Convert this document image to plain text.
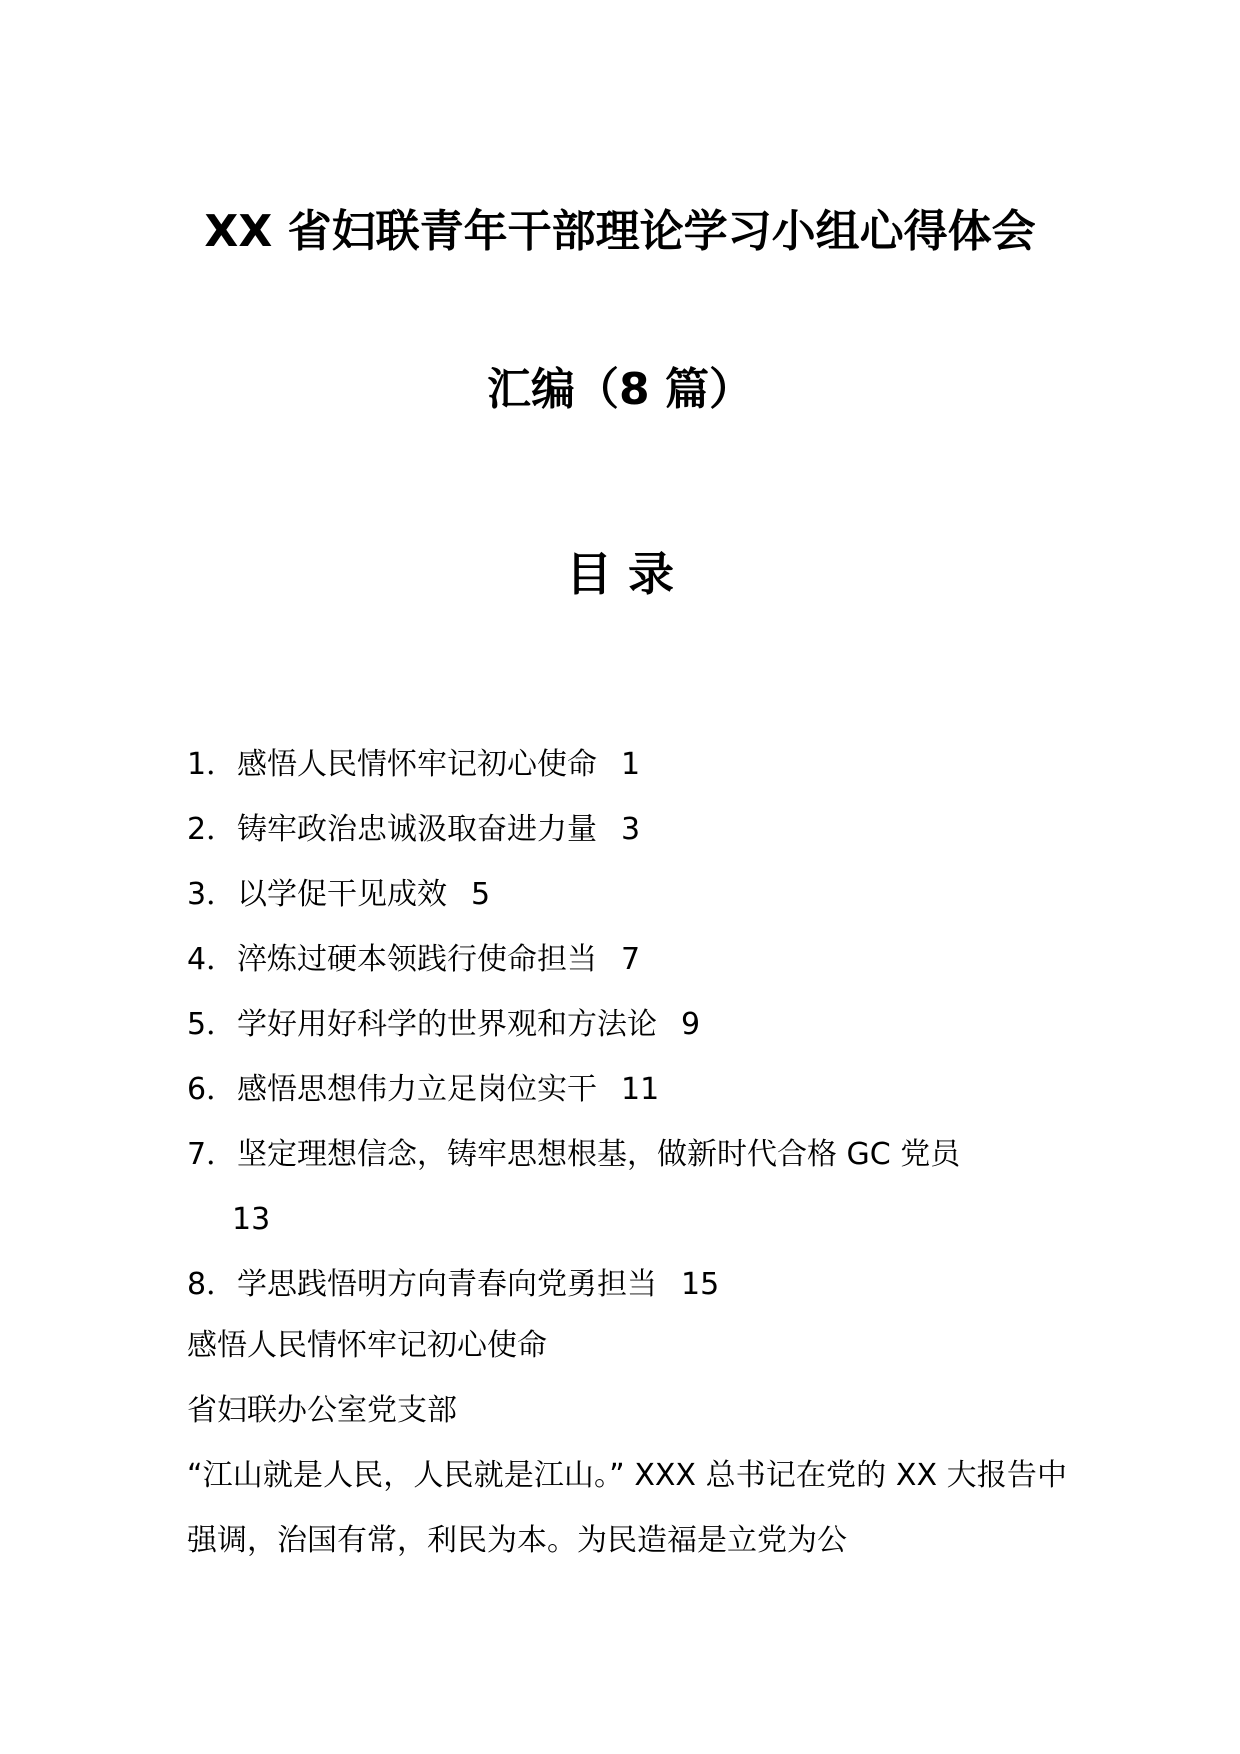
XX 省妇联青年干部理论学习小组心得体会
汇编（8 篇）
目 录
1．感悟人民情怀牢记初心使命 1
2．铸牢政治忠诚汲取奋进力量 3
3．以学促干见成效 5
4．淬炼过硬本领践行使命担当 7
5．学好用好科学的世界观和方法论 9
6．感悟思想伟力立足岗位实干 11
7．坚定理想信念，铸牢思想根基，做新时代合格 GC 党员
13
8．学思践悟明方向青春向党勇担当 15
感悟人民情怀牢记初心使命
省妇联办公室党支部
“江山就是人民，人民就是江山。” XXX 总书记在党的 XX 大报告中强调，治国有常，利民为本。为民造福是立党为公
